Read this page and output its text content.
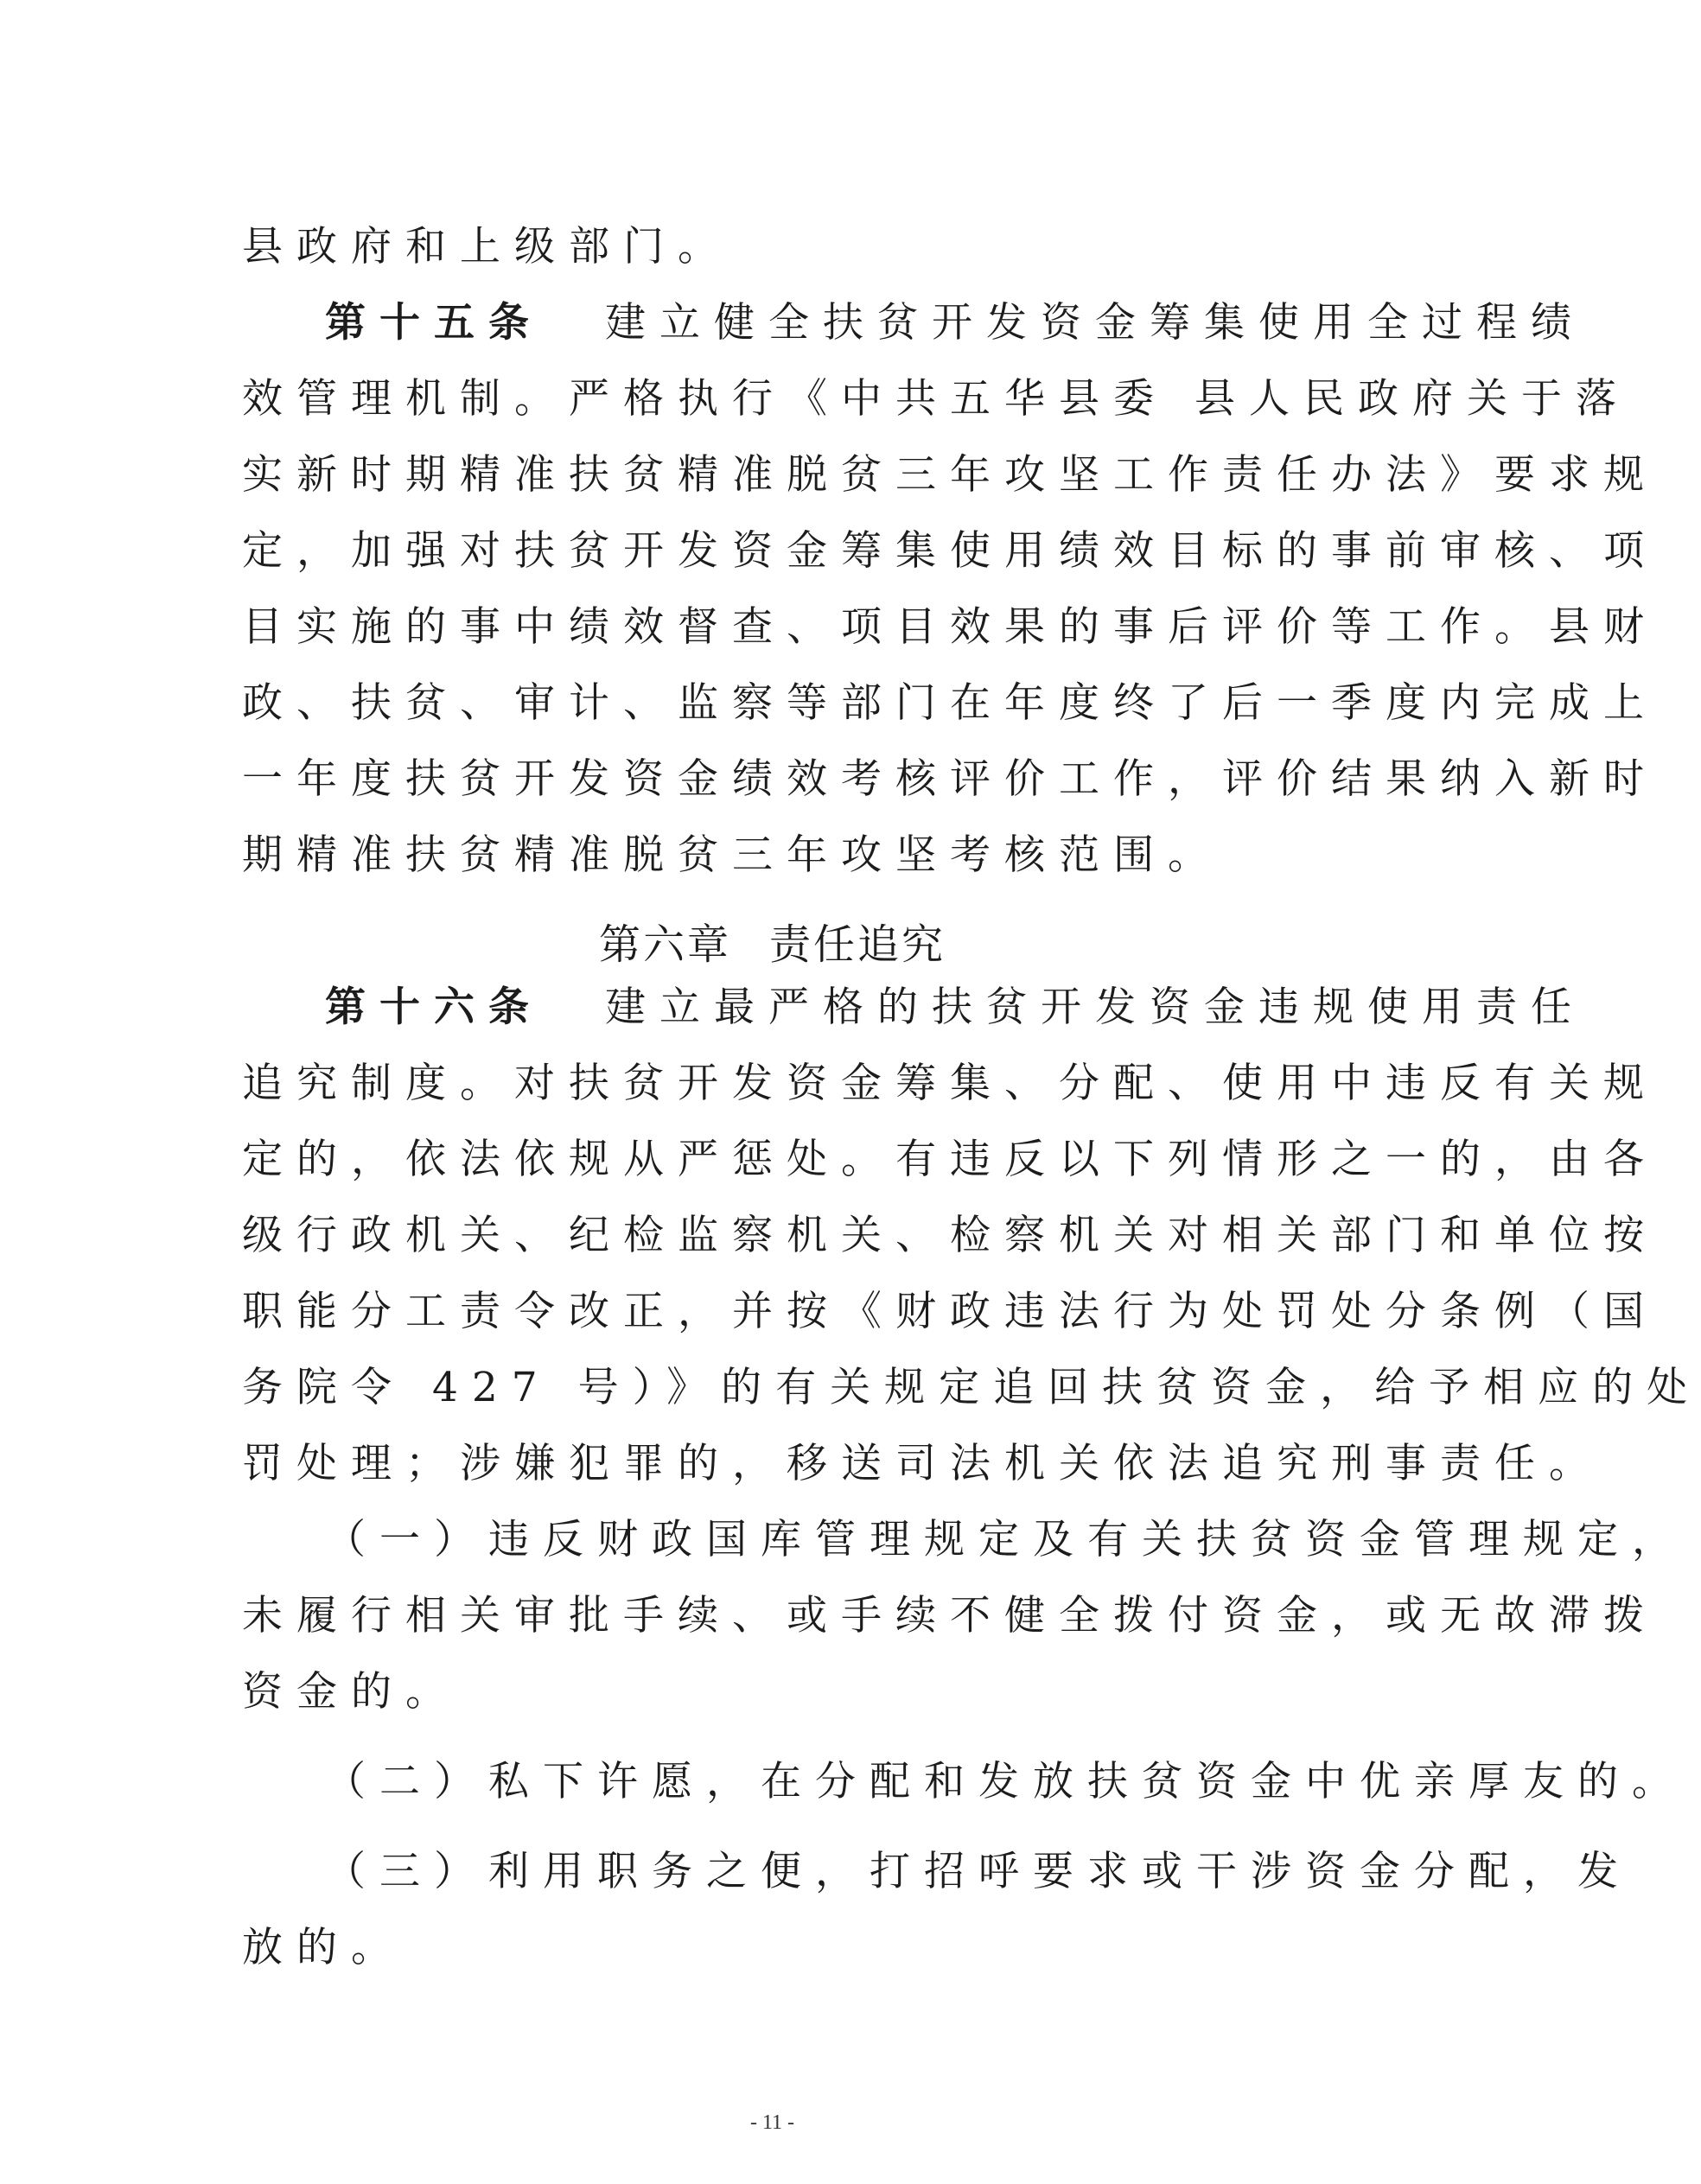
县政府和上级部门。
第十五条 建立健全扶贫开发资金筹集使用全过程绩
效管理机制。严格执行《中共五华县委 县人民政府关于落
实新时期精准扶贫精准脱贫三年攻坚工作责任办法》要求规
定，加强对扶贫开发资金筹集使用绩效目标的事前审核、项
目实施的事中绩效督查、项目效果的事后评价等工作。县财
政、扶贫、审计、监察等部门在年度终了后一季度内完成上
一年度扶贫开发资金绩效考核评价工作，评价结果纳入新时
期精准扶贫精准脱贫三年攻坚考核范围。
第六章 责任追究
第十六条 建立最严格的扶贫开发资金违规使用责任
追究制度。对扶贫开发资金筹集、分配、使用中违反有关规
定的，依法依规从严惩处。有违反以下列情形之一的，由各
级行政机关、纪检监察机关、检察机关对相关部门和单位按
职能分工责令改正，并按《财政违法行为处罚处分条例（国
务院令 427 号）》的有关规定追回扶贫资金，给予相应的处
罚处理；涉嫌犯罪的，移送司法机关依法追究刑事责任。
（一）违反财政国库管理规定及有关扶贫资金管理规定，
未履行相关审批手续、或手续不健全拨付资金，或无故滞拨
资金的。
（二）私下许愿，在分配和发放扶贫资金中优亲厚友的。
（三）利用职务之便，打招呼要求或干涉资金分配，发
放的。
- 11 -
